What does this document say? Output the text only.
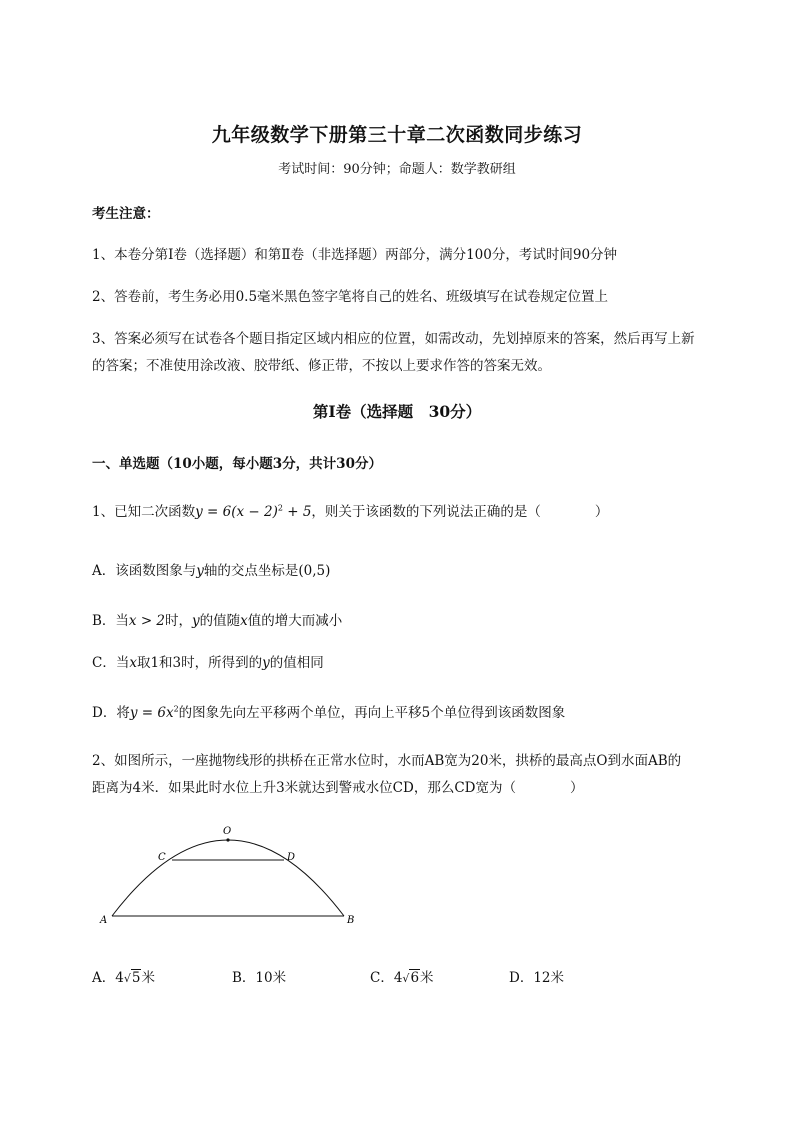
九年级数学下册第三十章二次函数同步练习
考试时间：90分钟；命题人：数学教研组
考生注意：
1、本卷分第Ⅰ卷（选择题）和第Ⅱ卷（非选择题）两部分，满分100分，考试时间90分钟
2、答卷前，考生务必用0.5毫米黑色签字笔将自己的姓名、班级填写在试卷规定位置上
3、答案必须写在试卷各个题目指定区域内相应的位置，如需改动，先划掉原来的答案，然后再写上新
的答案；不准使用涂改液、胶带纸、修正带，不按以上要求作答的答案无效。
第Ⅰ卷（选择题　30分）
一、单选题（10小题，每小题3分，共计30分）
1、已知二次函数$y = 6(x - 2)^2 + 5$，则关于该函数的下列说法正确的是（　　　　）
A．该函数图象与y轴的交点坐标是(0,5)
B．当x > 2时，y的值随x值的增大而减小
C．当x取1和3时，所得到的y的值相同
D．将$y = 6x^2$的图象先向左平移两个单位，再向上平移5个单位得到该函数图象
2、如图所示，一座抛物线形的拱桥在正常水位时，水而AB宽为20米，拱桥的最高点O到水面AB的
距离为4米．如果此时水位上升3米就达到警戒水位CD，那么CD宽为（　　　　）
O
C	D
A	B
A．4√5米	B．10米	C．4√6米	D．12米
